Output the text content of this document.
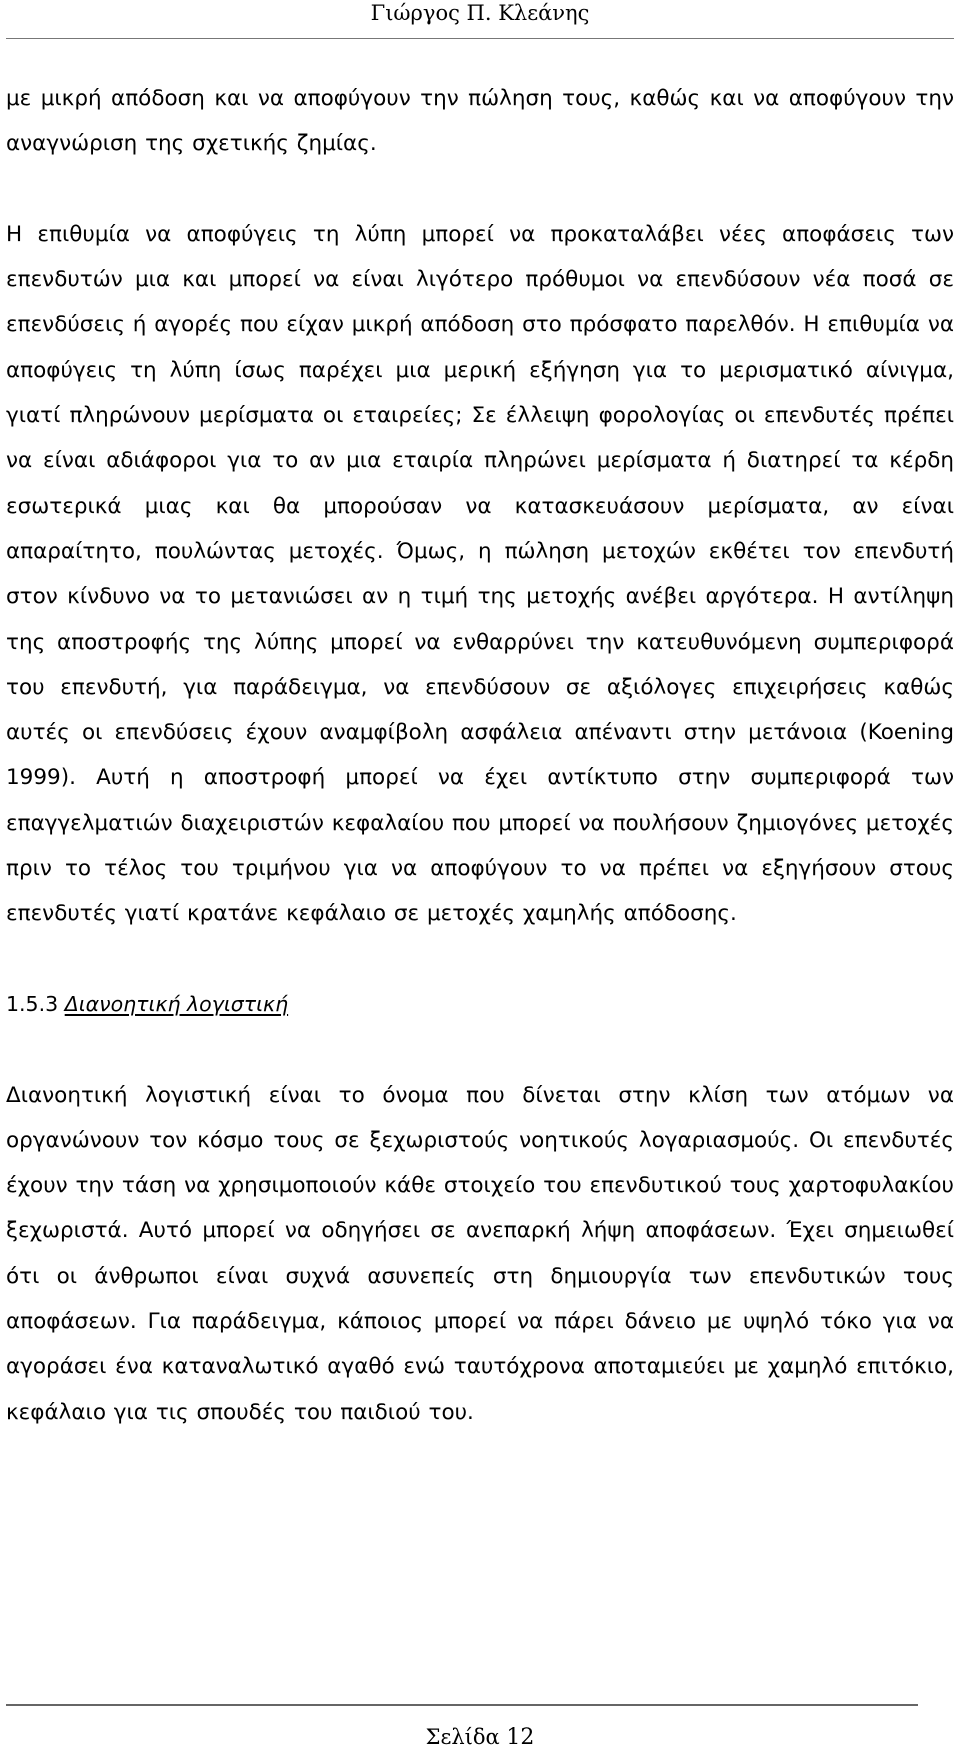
Γιώργος Π. Κλεάνης

με μικρή απόδοση και να αποφύγουν την πώληση τους, καθώς και να αποφύγουν την αναγνώριση της σχετικής ζημίας.

Η επιθυμία να αποφύγεις τη λύπη μπορεί να προκαταλάβει νέες αποφάσεις των επενδυτών μια και μπορεί να είναι λιγότερο πρόθυμοι να επενδύσουν νέα ποσά σε επενδύσεις ή αγορές που είχαν μικρή απόδοση στο πρόσφατο παρελθόν. Η επιθυμία να αποφύγεις τη λύπη ίσως παρέχει μια μερική εξήγηση για το μερισματικό αίνιγμα, γιατί πληρώνουν μερίσματα οι εταιρείες; Σε έλλειψη φορολογίας οι επενδυτές πρέπει να είναι αδιάφοροι για το αν μια εταιρία πληρώνει μερίσματα ή διατηρεί τα κέρδη εσωτερικά μιας και θα μπορούσαν να κατασκευάσουν μερίσματα, αν είναι απαραίτητο, πουλώντας μετοχές. Όμως, η πώληση μετοχών εκθέτει τον επενδυτή στον κίνδυνο να το μετανιώσει αν η τιμή της μετοχής ανέβει αργότερα. Η αντίληψη της αποστροφής της λύπης μπορεί να ενθαρρύνει την κατευθυνόμενη συμπεριφορά του επενδυτή, για παράδειγμα, να επενδύσουν σε αξιόλογες επιχειρήσεις καθώς αυτές οι επενδύσεις έχουν αναμφίβολη ασφάλεια απέναντι στην μετάνοια (Koening 1999). Αυτή η αποστροφή μπορεί να έχει αντίκτυπο στην συμπεριφορά των επαγγελματιών διαχειριστών κεφαλαίου που μπορεί να πουλήσουν ζημιογόνες μετοχές πριν το τέλος του τριμήνου για να αποφύγουν το να πρέπει να εξηγήσουν στους επενδυτές γιατί κρατάνε κεφάλαιο σε μετοχές χαμηλής απόδοσης.

1.5.3 Διανοητική λογιστική

Διανοητική λογιστική είναι το όνομα που δίνεται στην κλίση των ατόμων να οργανώνουν τον κόσμο τους σε ξεχωριστούς νοητικούς λογαριασμούς. Οι επενδυτές έχουν την τάση να χρησιμοποιούν κάθε στοιχείο του επενδυτικού τους χαρτοφυλακίου ξεχωριστά. Αυτό μπορεί να οδηγήσει σε ανεπαρκή λήψη αποφάσεων. Έχει σημειωθεί ότι οι άνθρωποι είναι συχνά ασυνεπείς στη δημιουργία των επενδυτικών τους αποφάσεων. Για παράδειγμα, κάποιος μπορεί να πάρει δάνειο με υψηλό τόκο για να αγοράσει ένα καταναλωτικό αγαθό ενώ ταυτόχρονα αποταμιεύει με χαμηλό επιτόκιο, κεφάλαιο για τις σπουδές του παιδιού του.

Σελίδα 12
